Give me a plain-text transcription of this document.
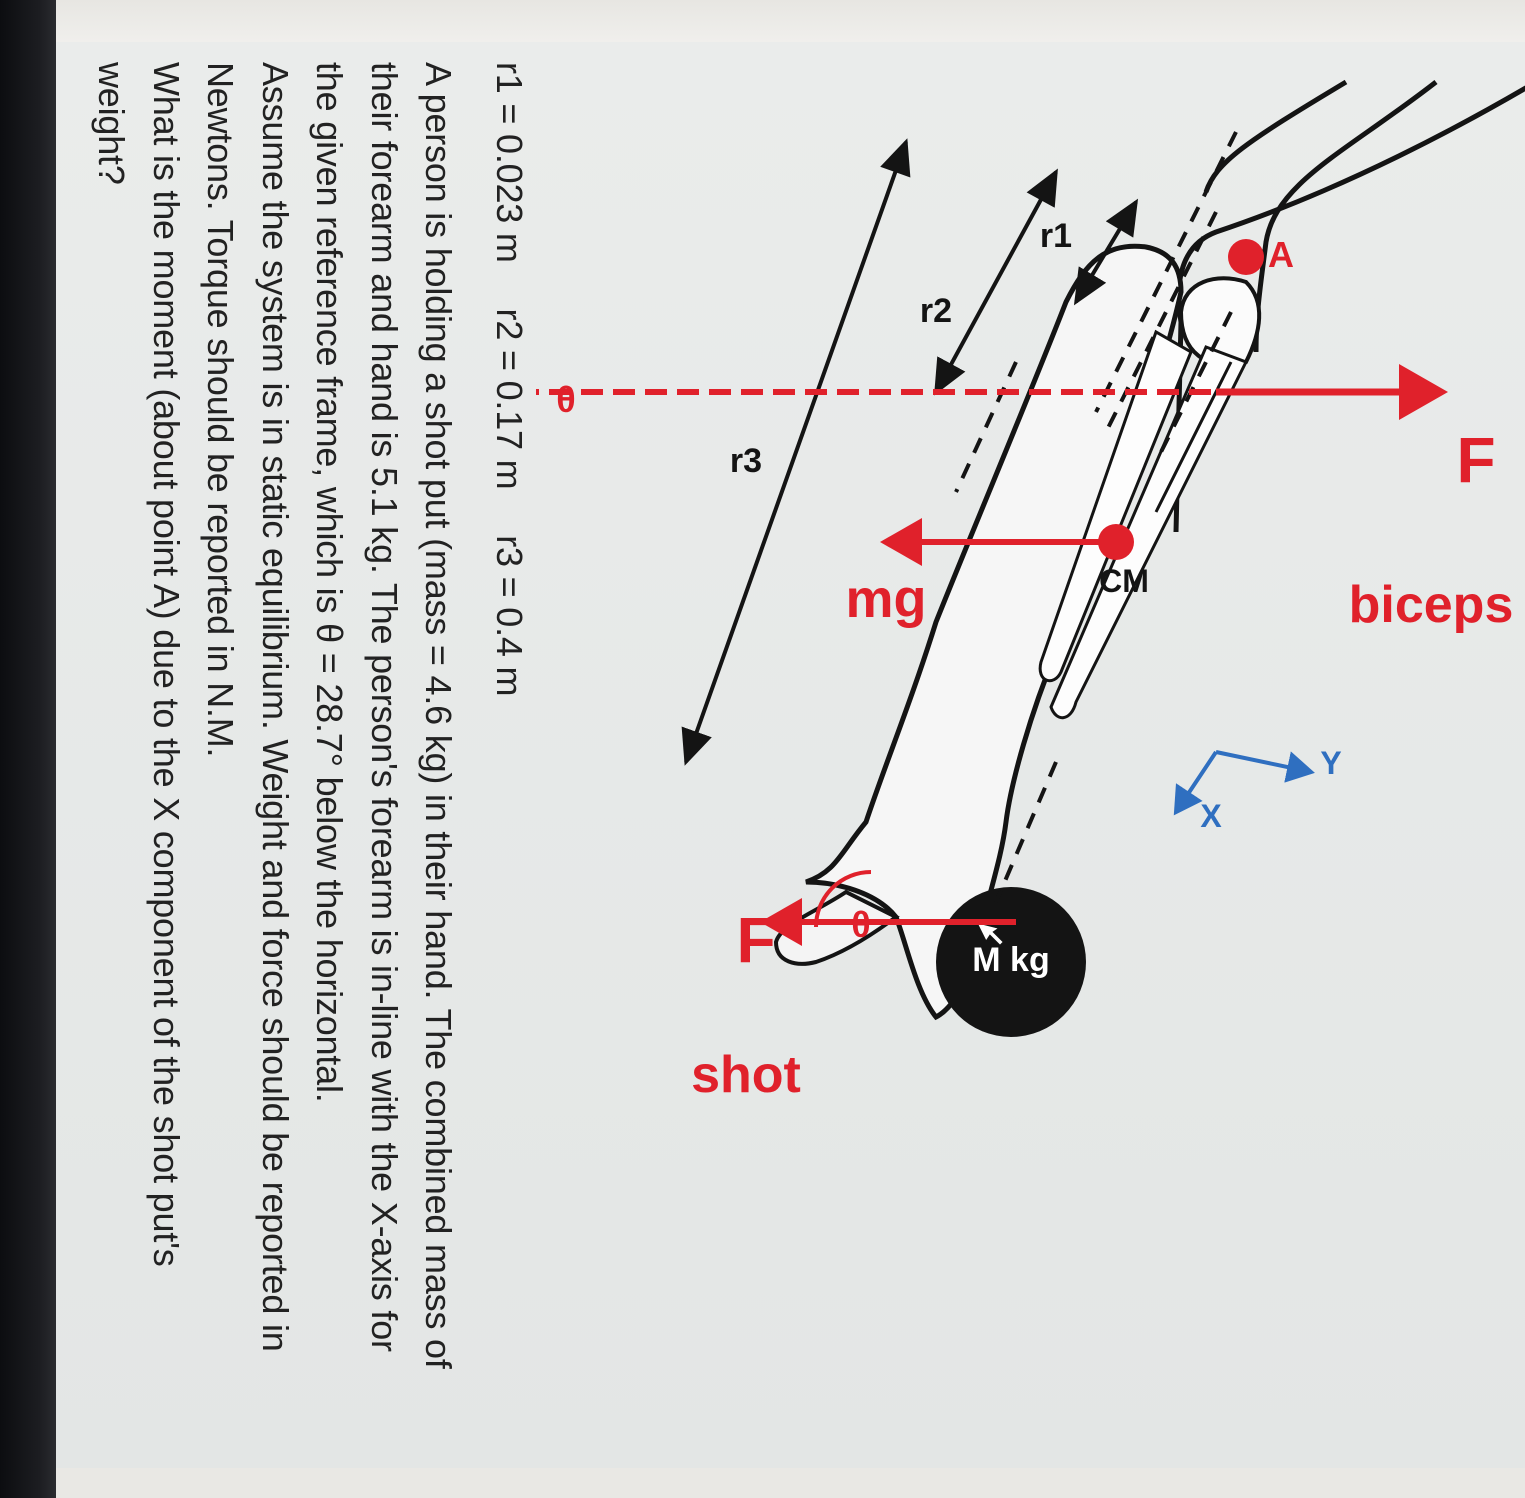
M kg
r1
r2
r3	F
biceps
A
CM
mg
F
shot
θ
θ
Y
X

r1 = 0.023 m r2 = 0.17 m r3 = 0.4 m

A person is holding a shot put (mass = 4.6 kg) in their hand. The combined mass of

their forearm and hand is 5.1 kg. The person's forearm is in-line with the X-axis for

the given reference frame, which is θ = 28.7° below the horizontal.

Assume the system is in static equilibrium. Weight and force should be reported in

Newtons. Torque should be reported in N.M.

What is the moment (about point A) due to the X component of the shot put's

weight?
